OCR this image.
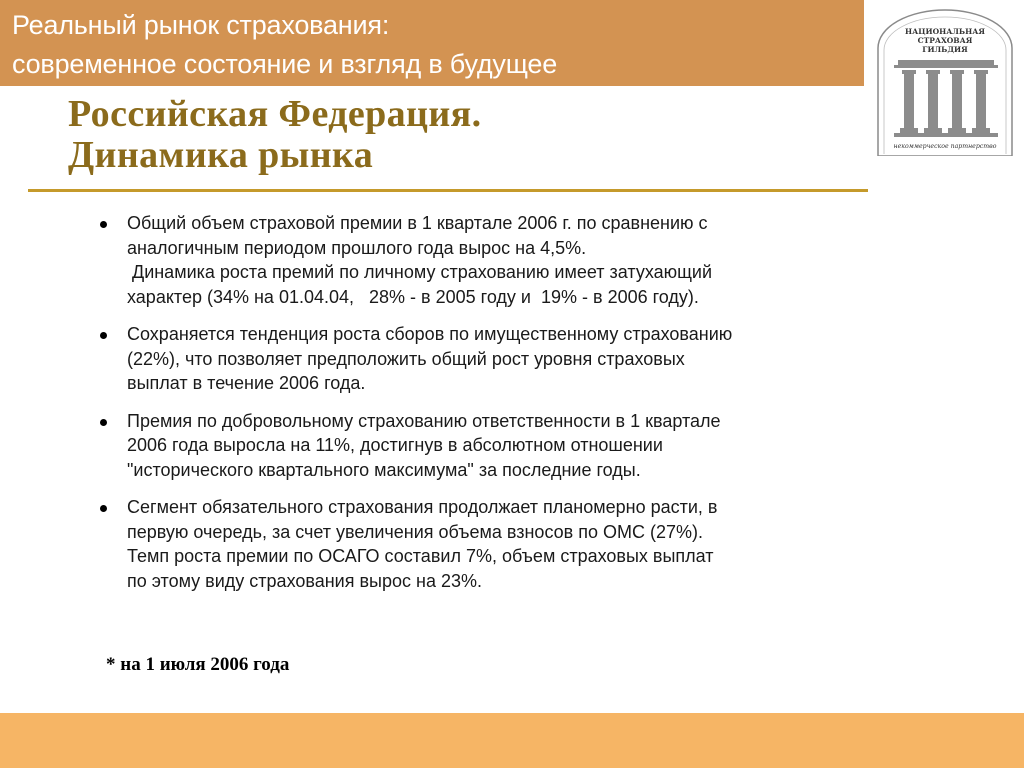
Реальный рынок страхования:
современное состояние и взгляд в будущее
НАЦИОНАЛЬНАЯ
СТРАХОВАЯ
ГИЛЬДИЯ
некоммерческое партнерство
Российская Федерация.
Динамика рынка
Общий объем страховой премии в 1 квартале 2006 г. по сравнению с
аналогичным периодом прошлого года вырос на 4,5%.
Динамика роста премий по личному страхованию имеет затухающий
характер (34% на 01.04.04,   28% - в 2005 году и  19% - в 2006 году).
Сохраняется тенденция роста сборов по имущественному страхованию
(22%), что позволяет предположить общий рост уровня страховых
выплат в течение 2006 года.
Премия по добровольному страхованию ответственности в 1 квартале
2006 года выросла на 11%, достигнув в абсолютном отношении
"исторического квартального максимума" за последние годы.
Сегмент обязательного страхования продолжает планомерно расти, в
первую очередь, за счет увеличения объема взносов по ОМС (27%).
Темп роста премии по ОСАГО составил 7%, объем страховых выплат
по этому виду страхования вырос на 23%.
* на 1 июля 2006 года
